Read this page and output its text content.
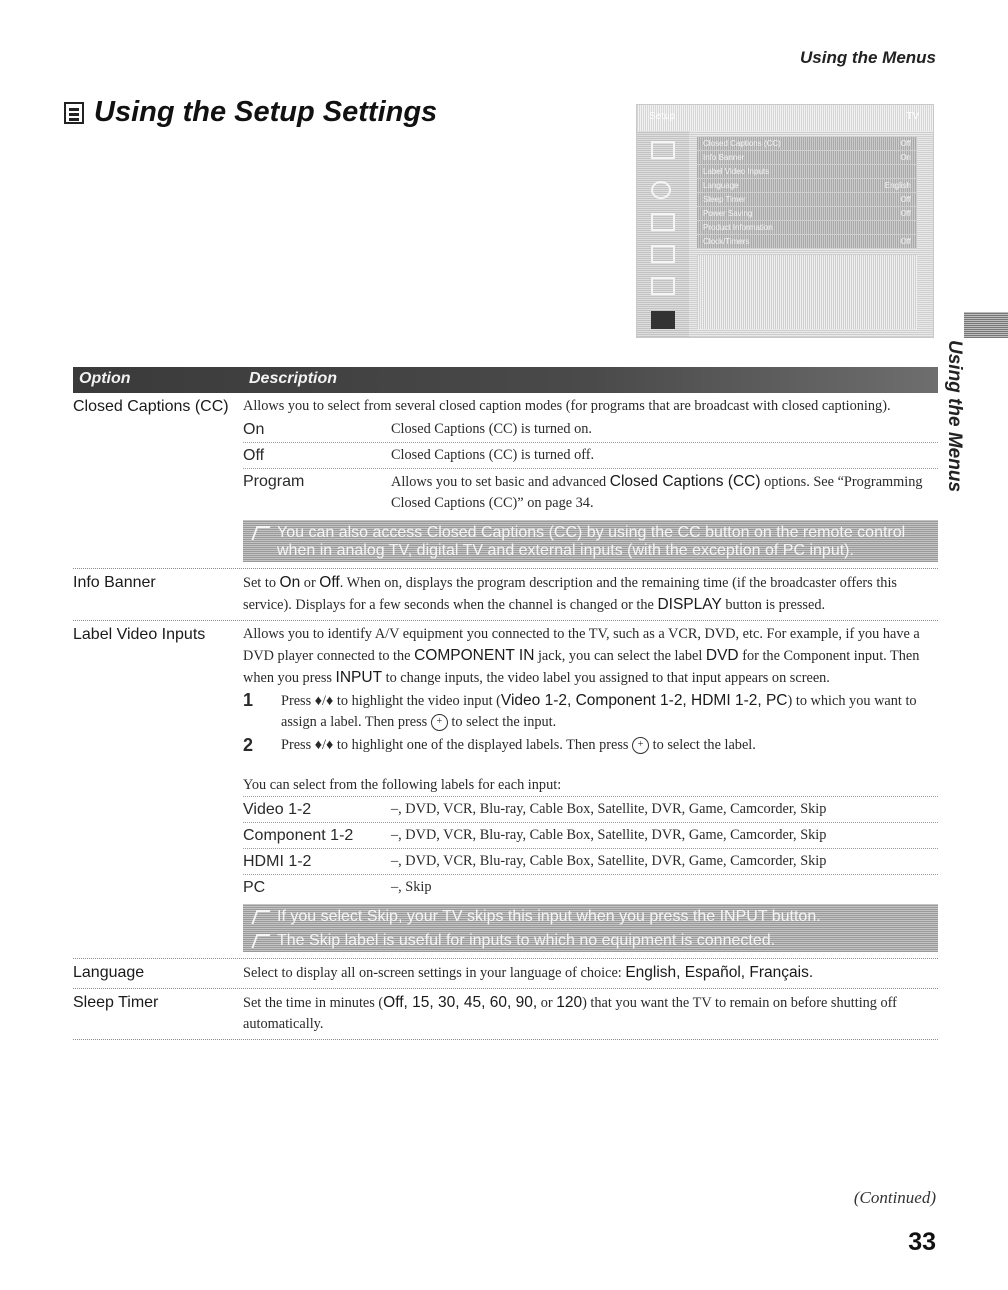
Using the Menus
Using the Setup Settings	Setup	TV
Closed Captions (CC)	Off
Info Banner	On
Label Video Inputs
Language	English
Sleep Timer	Off
Power Saving	Off
Product Information
Clock/Timers	Off
Using the Menus
Option	Description
Closed Captions (CC)	Allows you to select from several closed caption modes (for programs that are broadcast with closed captioning).
On	Closed Captions (CC) is turned on.
Off	Closed Captions (CC) is turned off.
Program	Allows you to set basic and advanced Closed Captions (CC) options. See “Programming Closed Captions (CC)” on page 34.
You can also access Closed Captions (CC) by using the CC button on the remote control when in analog TV, digital TV and external inputs (with the exception of PC input).
Info Banner	Set to On or Off. When on, displays the program description and the remaining time (if the broadcaster offers this service). Displays for a few seconds when the channel is changed or the DISPLAY button is pressed.
Label Video Inputs	Allows you to identify A/V equipment you connected to the TV, such as a VCR, DVD, etc. For example, if you have a DVD player connected to the COMPONENT IN jack, you can select the label DVD for the Component input. Then when you press INPUT to change inputs, the video label you assigned to that input appears on screen.
1	Press ♦/♦ to highlight the video input (Video 1-2, Component 1-2, HDMI 1-2, PC) to which you want to assign a label. Then press + to select the input.
2	Press ♦/♦ to highlight one of the displayed labels. Then press + to select the label.
You can select from the following labels for each input:
Video 1-2	–, DVD, VCR, Blu-ray, Cable Box, Satellite, DVR, Game, Camcorder, Skip
Component 1-2	–, DVD, VCR, Blu-ray, Cable Box, Satellite, DVR, Game, Camcorder, Skip
HDMI 1-2	–, DVD, VCR, Blu-ray, Cable Box, Satellite, DVR, Game, Camcorder, Skip
PC	–, Skip
If you select Skip, your TV skips this input when you press the INPUT button.
The Skip label is useful for inputs to which no equipment is connected.
Language	Select to display all on-screen settings in your language of choice: English, Español, Français.
Sleep Timer	Set the time in minutes (Off, 15, 30, 45, 60, 90, or 120) that you want the TV to remain on before shutting off automatically.
(Continued)
33
